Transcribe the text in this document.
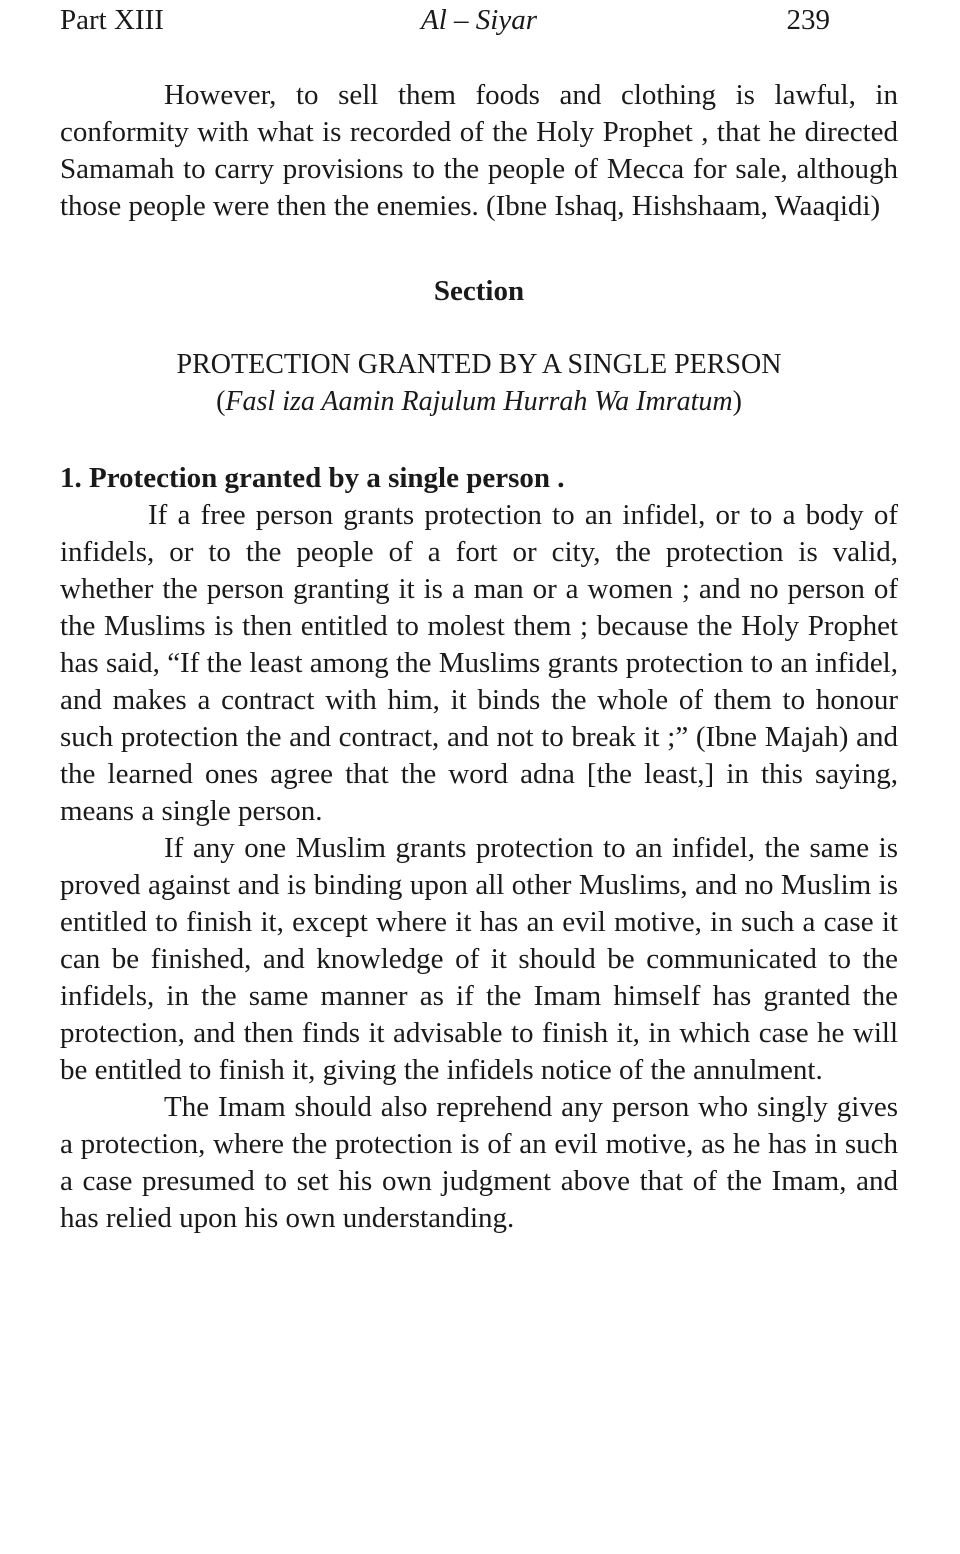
Part XIII	Al – Siyar	239

However, to sell them foods and clothing is lawful, in conformity with what is recorded of the Holy Prophet , that he directed Samamah to carry provisions to the people of Mecca for sale, although those people were then the enemies. (Ibne Ishaq, Hishshaam, Waaqidi)

Section
PROTECTION GRANTED BY A SINGLE PERSON
(Fasl iza Aamin Rajulum Hurrah Wa Imratum)
1. Protection granted by a single person .

If a free person grants protection to an infidel, or to a body of infidels, or to the people of a fort or city, the protection is valid, whether the person granting it is a man or a women ; and no person of the Muslims is then entitled to molest them ; because the Holy Prophet has said, “If the least among the Muslims grants protection to an infidel, and makes a contract with him, it binds the whole of them to honour such protection the and contract, and not to break it ;” (Ibne Majah) and the learned ones agree that the word adna [the least,] in this saying, means a single person.

If any one Muslim grants protection to an infidel, the same is proved against and is binding upon all other Muslims, and no Muslim is entitled to finish it, except where it has an evil motive, in such a case it can be finished, and knowledge of it should be communicated to the infidels, in the same manner as if the Imam himself has granted the protection, and then finds it advisable to finish it, in which case he will be entitled to finish it, giving the infidels notice of the annulment.

The Imam should also reprehend any person who singly gives a protection, where the protection is of an evil motive, as he has in such a case presumed to set his own judgment above that of the Imam, and has relied upon his own understanding.
